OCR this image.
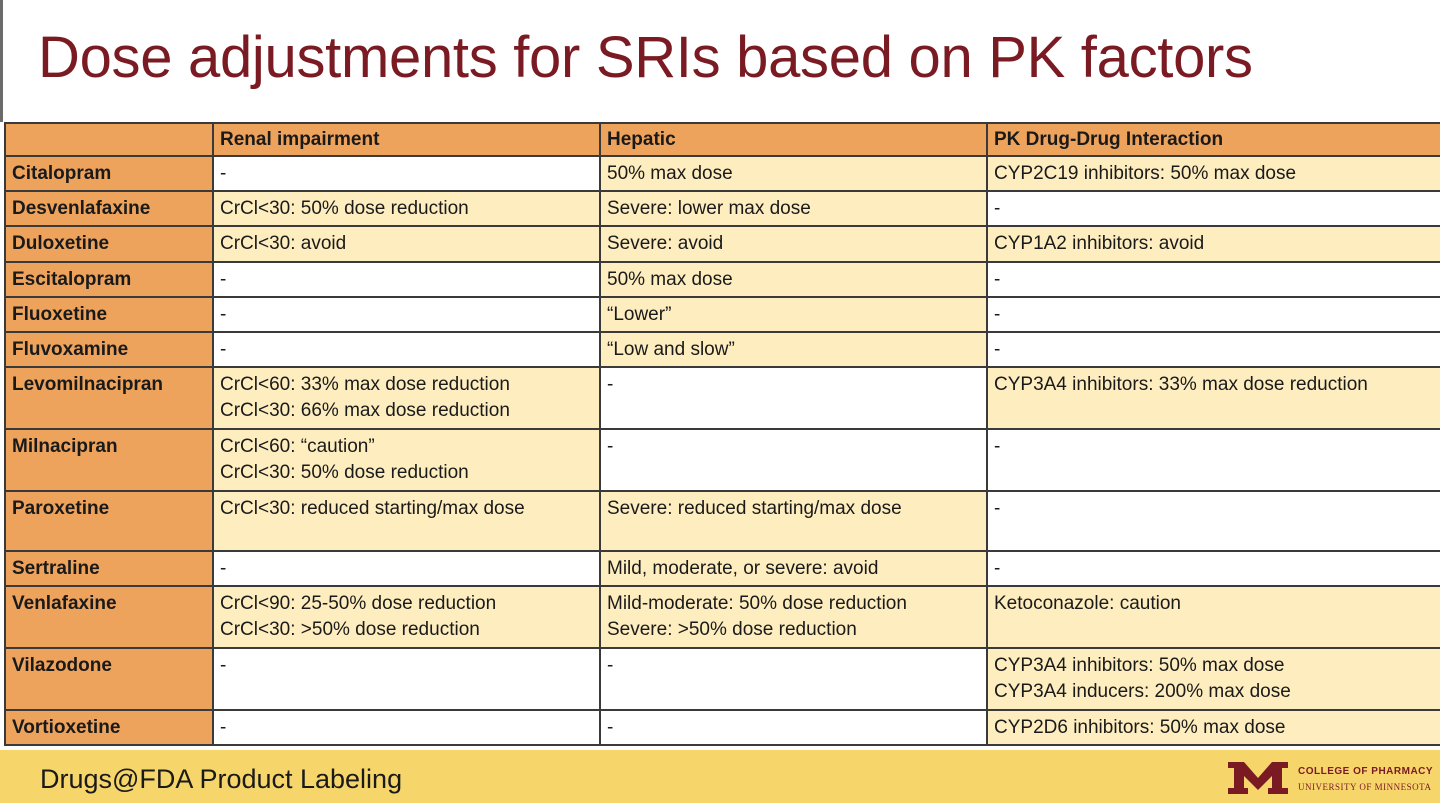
Dose adjustments for SRIs based on PK factors
	Renal impairment	Hepatic	PK Drug-Drug Interaction
Citalopram	-	50% max dose	CYP2C19 inhibitors: 50% max dose

Desvenlafaxine	CrCl<30: 50% dose reduction	Severe: lower max dose	-

Duloxetine	CrCl<30: avoid	Severe: avoid	CYP1A2 inhibitors: avoid

Escitalopram	-	50% max dose	-

Fluoxetine	-	“Lower”	-

Fluvoxamine	-	“Low and slow”	-

Levomilnacipran	CrCl<60: 33% max dose reduction
CrCl<30: 66% max dose reduction	-	CYP3A4 inhibitors: 33% max dose reduction

Milnacipran	CrCl<60: “caution”
CrCl<30: 50% dose reduction	-	-

Paroxetine	CrCl<30: reduced starting/max dose	Severe: reduced starting/max dose	-

Sertraline	-	Mild, moderate, or severe: avoid	-

Venlafaxine	CrCl<90: 25-50% dose reduction
CrCl<30: >50% dose reduction	Mild-moderate: 50% dose reduction
Severe: >50% dose reduction	Ketoconazole: caution

Vilazodone	-	-	CYP3A4 inhibitors: 50% max dose
CYP3A4 inducers: 200% max dose

Vortioxetine	-	-	CYP2D6 inhibitors: 50% max dose
Drugs@FDA Product Labeling	COLLEGE OF PHARMACY
UNIVERSITY OF MINNESOTA
